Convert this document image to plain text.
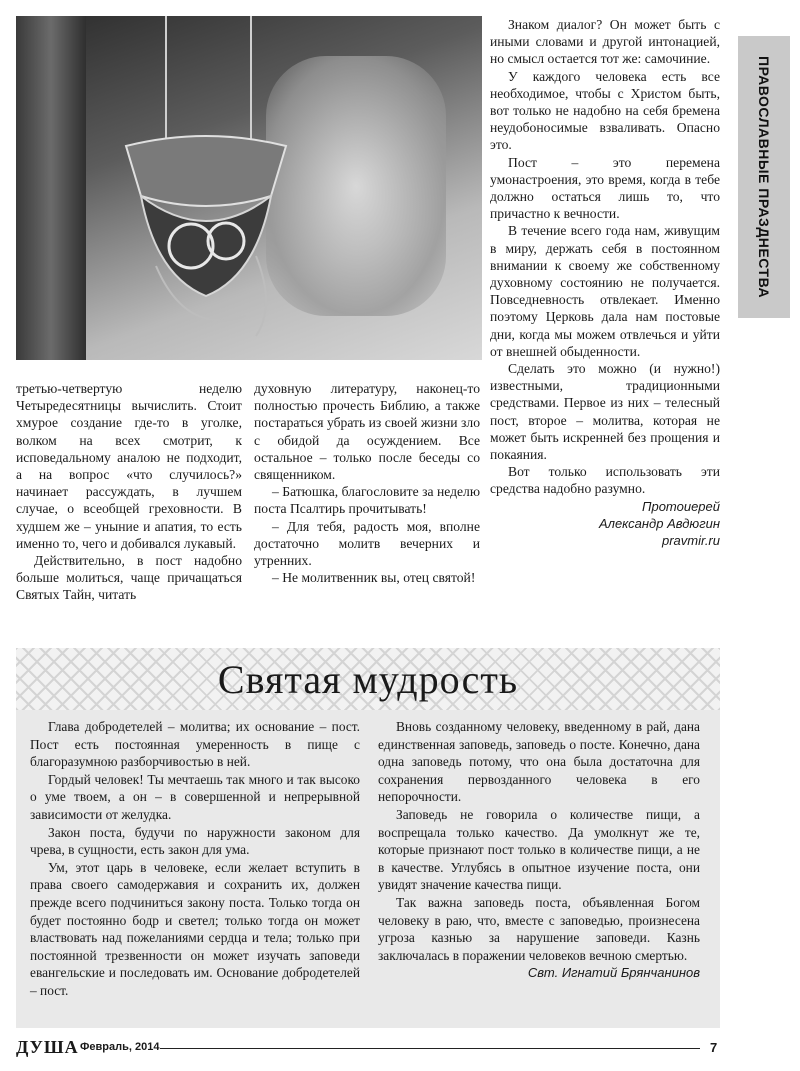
ПРАВОСЛАВНЫЕ ПРАЗДНЕСТВА

Знаком диалог? Он может быть с иными словами и другой интонацией, но смысл остается тот же: самочиние.

У каждого человека есть все необходимое, чтобы с Христом быть, вот только не надобно на себя бремена неудобоносимые взваливать. Опасно это.

Пост – это перемена умонастроения, это время, когда в тебе должно остаться лишь то, что причастно к вечности.

В течение всего года нам, живущим в миру, держать себя в постоянном внимании к своему же собственному духовному состоянию не получается. Повседневность отвлекает. Именно поэтому Церковь дала нам постовые дни, когда мы можем отвлечься и уйти от внешней обыденности.

Сделать это можно (и нужно!) известными, традиционными средствами. Первое из них – телесный пост, второе – молитва, которая не может быть искренней без прощения и покаяния.

Вот только использовать эти средства надобно разумно.

Протоиерей
Александр Авдюгин
pravmir.ru

третью-четвертую неделю Четыредесятницы вычислить. Стоит хмурое создание где-то в уголке, волком на всех смотрит, к исповедальному аналою не подходит, а на вопрос «что случилось?» начинает рассуждать, в лучшем случае, о всеобщей греховности. В худшем же – уныние и апатия, то есть именно то, чего и добивался лукавый.

Действительно, в пост надобно больше молиться, чаще причащаться Святых Тайн, читать

духовную литературу, наконец-то полностью прочесть Библию, а также постараться убрать из своей жизни зло с обидой да осуждением. Все остальное – только после беседы со священником.

– Батюшка, благословите за неделю поста Псалтирь прочитывать!

– Для тебя, радость моя, вполне достаточно молитв вечерних и утренних.

– Не молитвенник вы, отец святой!

Святая мудрость

Глава добродетелей – молитва; их основание – пост. Пост есть постоянная умеренность в пище с благоразумною разборчивостью в ней.

Гордый человек! Ты мечтаешь так много и так высоко о уме твоем, а он – в совершенной и непрерывной зависимости от желудка.

Закон поста, будучи по наружности законом для чрева, в сущности, есть закон для ума.

Ум, этот царь в человеке, если желает вступить в права своего самодержавия и сохранить их, должен прежде всего подчиниться закону поста. Только тогда он будет постоянно бодр и светел; только тогда он может властвовать над пожеланиями сердца и тела; только при постоянной трезвенности он может изучать заповеди евангельские и последовать им. Основание добродетелей – пост.

Вновь созданному человеку, введенному в рай, дана единственная заповедь, заповедь о посте. Конечно, дана одна заповедь потому, что она была достаточна для сохранения первозданного человека в его непорочности.

Заповедь не говорила о количестве пищи, а воспрещала только качество. Да умолкнут же те, которые признают пост только в количестве пищи, а не в качестве. Углубясь в опытное изучение поста, они увидят значение качества пищи.

Так важна заповедь поста, объявленная Богом человеку в раю, что, вместе с заповедью, произнесена угроза казнью за нарушение заповеди. Казнь заключалась в поражении человеков вечною смертью.

Свт. Игнатий Брянчанинов
ДУША Февраль, 2014	7
